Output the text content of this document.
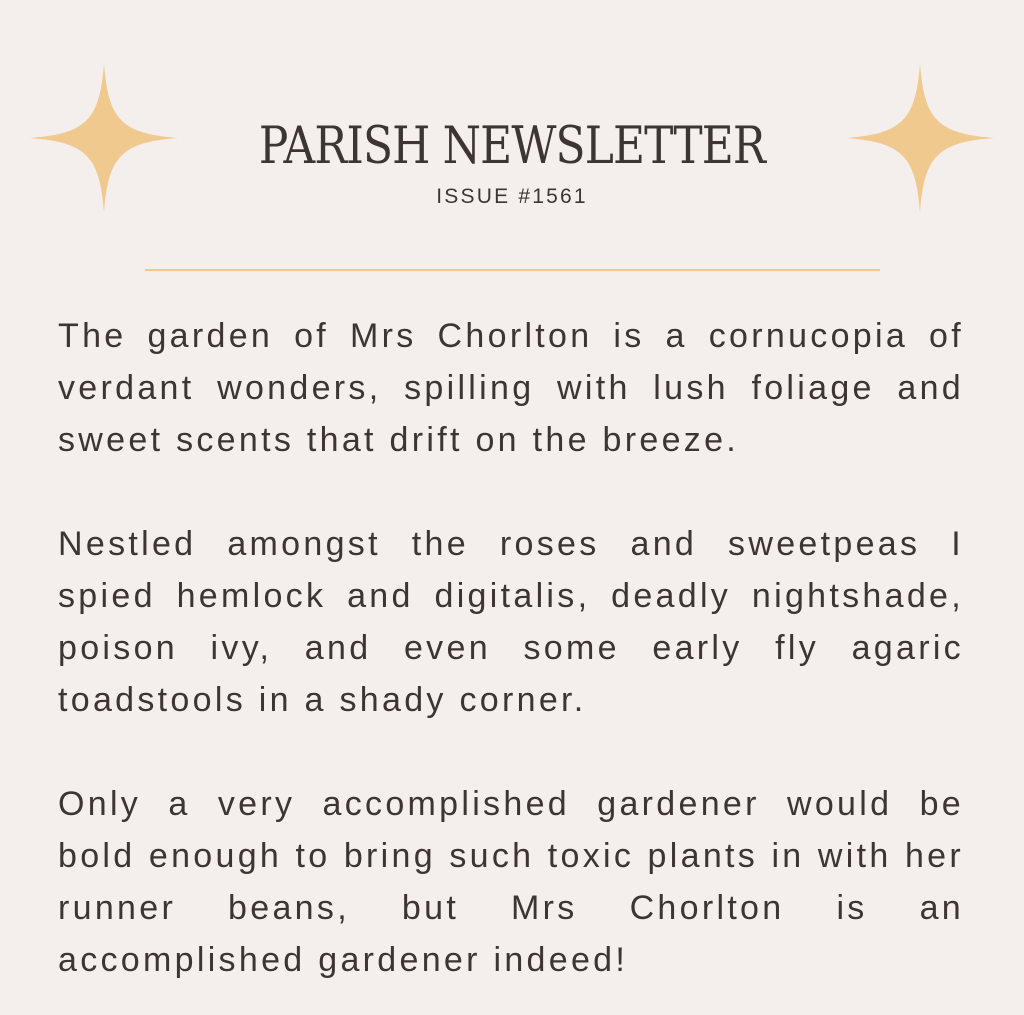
PARISH NEWSLETTER
ISSUE #1561

The garden of Mrs Chorlton is a cornucopia of verdant wonders, spilling with lush foliage and sweet scents that drift on the breeze.

Nestled amongst the roses and sweetpeas I spied hemlock and digitalis, deadly nightshade, poison ivy, and even some early fly agaric toadstools in a shady corner.

Only a very accomplished gardener would be bold enough to bring such toxic plants in with her runner beans, but Mrs Chorlton is an accomplished gardener indeed!
